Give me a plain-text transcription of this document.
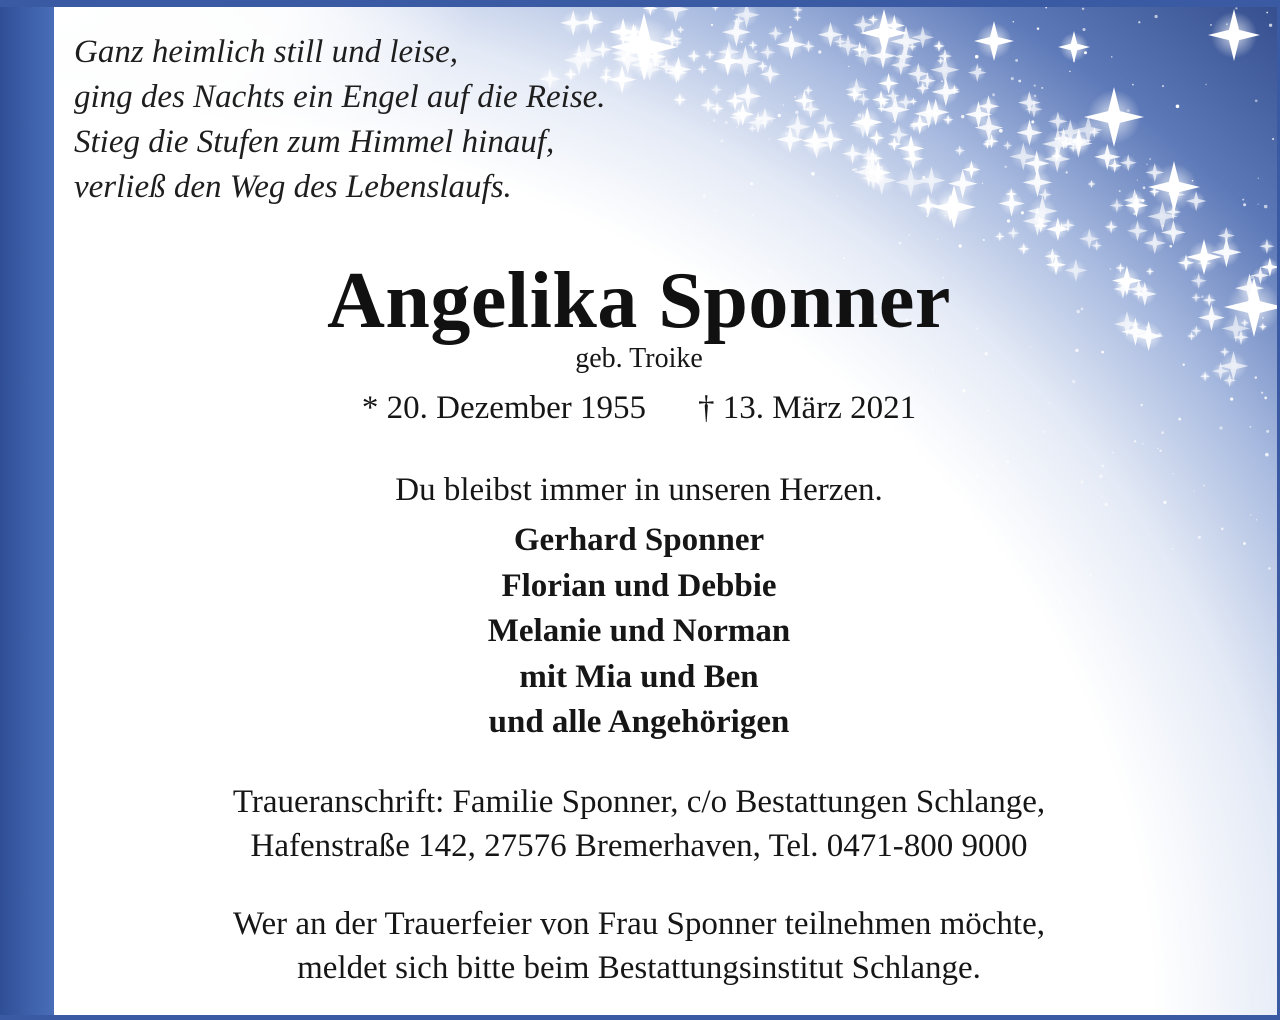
Ganz heimlich still und leise,
ging des Nachts ein Engel auf die Reise.
Stieg die Stufen zum Himmel hinauf,
verließ den Weg des Lebenslaufs.

Angelika Sponner
geb. Troike
* 20. Dezember 1955 † 13. März 2021
Du bleibst immer in unseren Herzen.
Gerhard Sponner
Florian und Debbie
Melanie und Norman
mit Mia und Ben
und alle Angehörigen
Traueranschrift: Familie Sponner, c/o Bestattungen Schlange,
Hafenstraße 142, 27576 Bremerhaven, Tel. 0471-800 9000
Wer an der Trauerfeier von Frau Sponner teilnehmen möchte,
meldet sich bitte beim Bestattungsinstitut Schlange.
